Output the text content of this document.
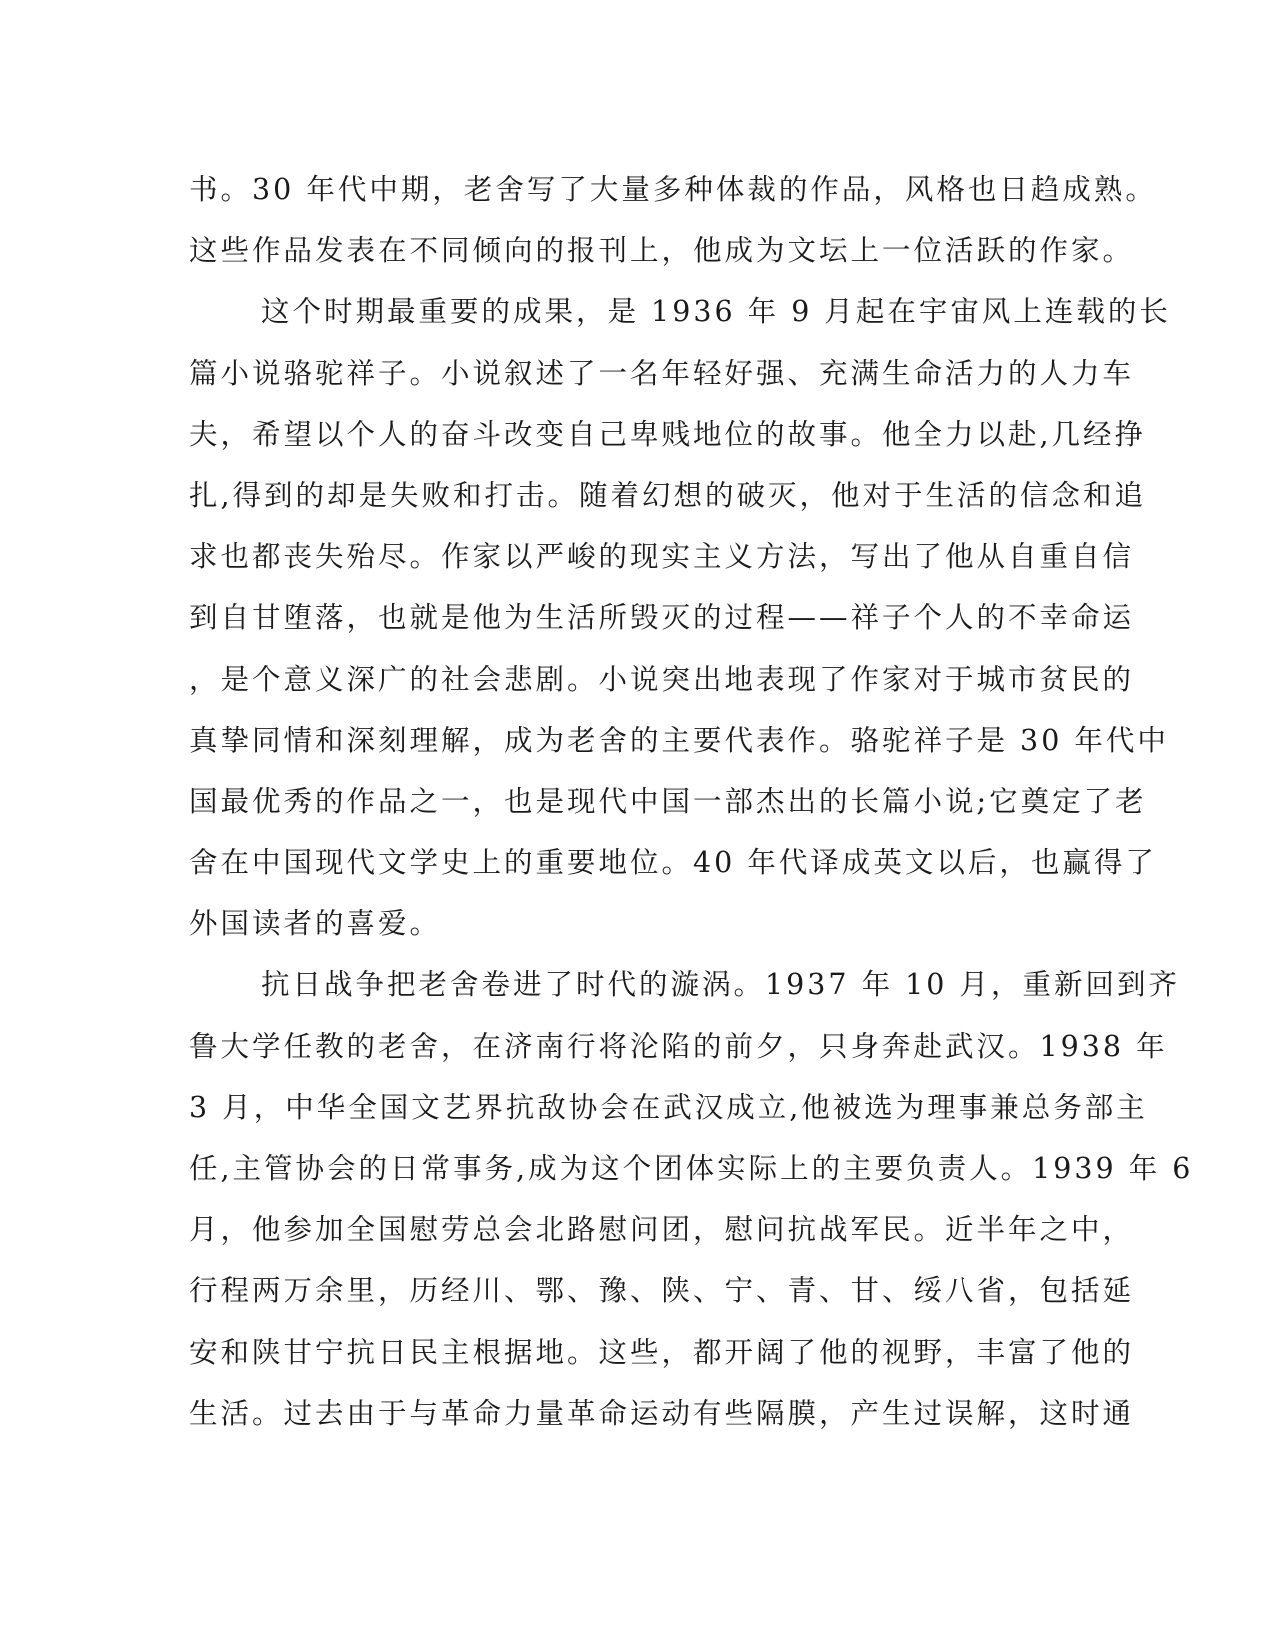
书。30 年代中期，老舍写了大量多种体裁的作品，风格也日趋成熟。
这些作品发表在不同倾向的报刊上，他成为文坛上一位活跃的作家。
这个时期最重要的成果，是 1936 年 9 月起在宇宙风上连载的长
篇小说骆驼祥子。小说叙述了一名年轻好强、充满生命活力的人力车
夫，希望以个人的奋斗改变自己卑贱地位的故事。他全力以赴,几经挣
扎,得到的却是失败和打击。随着幻想的破灭，他对于生活的信念和追
求也都丧失殆尽。作家以严峻的现实主义方法，写出了他从自重自信
到自甘堕落，也就是他为生活所毁灭的过程——祥子个人的不幸命运
，是个意义深广的社会悲剧。小说突出地表现了作家对于城市贫民的
真挚同情和深刻理解，成为老舍的主要代表作。骆驼祥子是 30 年代中
国最优秀的作品之一，也是现代中国一部杰出的长篇小说;它奠定了老
舍在中国现代文学史上的重要地位。40 年代译成英文以后，也赢得了
外国读者的喜爱。
抗日战争把老舍卷进了时代的漩涡。1937 年 10 月，重新回到齐
鲁大学任教的老舍，在济南行将沦陷的前夕，只身奔赴武汉。1938 年
3 月，中华全国文艺界抗敌协会在武汉成立,他被选为理事兼总务部主
任,主管协会的日常事务,成为这个团体实际上的主要负责人。1939 年 6
月，他参加全国慰劳总会北路慰问团，慰问抗战军民。近半年之中，
行程两万余里，历经川、鄂、豫、陕、宁、青、甘、绥八省，包括延
安和陕甘宁抗日民主根据地。这些，都开阔了他的视野，丰富了他的
生活。过去由于与革命力量革命运动有些隔膜，产生过误解，这时通
